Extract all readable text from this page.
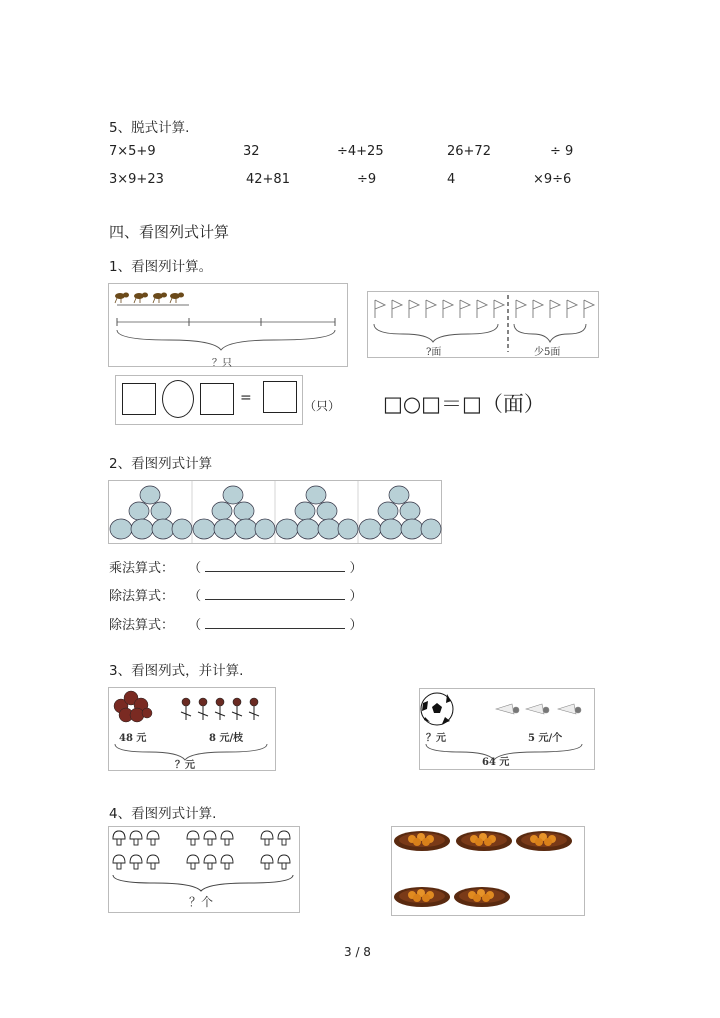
5、脱式计算.
7×5+9	32	÷4+25	26+72	÷ 9
3×9+23	42+81	÷9	4	×9÷6
四、看图列式计算
1、看图列计算。
？只
?面	少5面
=	（只） □○□＝□（面）
2、看图列式计算
乘法算式： （	）
除法算式： （	）
除法算式： （	）
3、看图列式，并计算.
48 元	8 元/枝
？元
？元	5 元/个
64 元
4、看图列式计算.
？个
3 / 8
